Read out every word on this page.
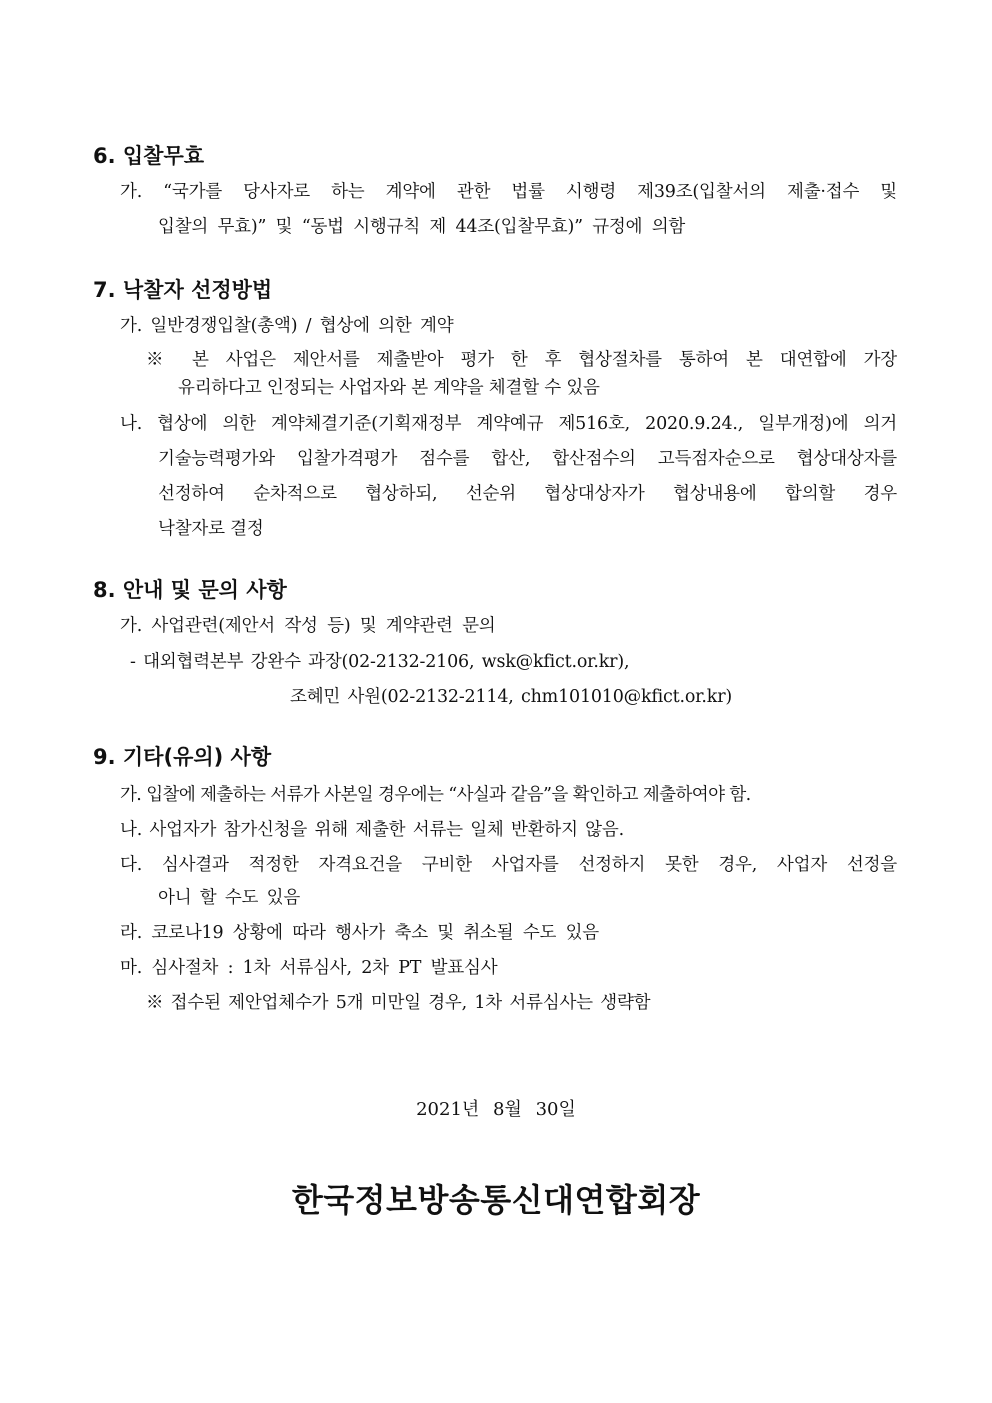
6. 입찰무효
가. “국가를 당사자로 하는 계약에 관한 법률 시행령 제39조(입찰서의 제출·접수 및
입찰의 무효)” 및 “동법 시행규칙 제 44조(입찰무효)” 규정에 의함
7. 낙찰자 선정방법
가. 일반경쟁입찰(총액) / 협상에 의한 계약
※ 본 사업은 제안서를 제출받아 평가 한 후 협상절차를 통하여 본 대연합에 가장
유리하다고 인정되는 사업자와 본 계약을 체결할 수 있음
나. 협상에 의한 계약체결기준(기획재정부 계약예규 제516호, 2020.9.24., 일부개정)에 의거
기술능력평가와 입찰가격평가 점수를 합산, 합산점수의 고득점자순으로 협상대상자를
선정하여 순차적으로 협상하되, 선순위 협상대상자가 협상내용에 합의할 경우
낙찰자로 결정
8. 안내 및 문의 사항
가. 사업관련(제안서 작성 등) 및 계약관련 문의
- 대외협력본부 강완수 과장(02-2132-2106, wsk@kfict.or.kr),
조혜민 사원(02-2132-2114, chm101010@kfict.or.kr)
9. 기타(유의) 사항
가. 입찰에 제출하는 서류가 사본일 경우에는 “사실과 같음”을 확인하고 제출하여야 함.
나. 사업자가 참가신청을 위해 제출한 서류는 일체 반환하지 않음.
다. 심사결과 적정한 자격요건을 구비한 사업자를 선정하지 못한 경우, 사업자 선정을
아니 할 수도 있음
라. 코로나19 상황에 따라 행사가 축소 및 취소될 수도 있음
마. 심사절차 : 1차 서류심사, 2차 PT 발표심사
※ 접수된 제안업체수가 5개 미만일 경우, 1차 서류심사는 생략함
2021년 8월 30일
한국정보방송통신대연합회장
